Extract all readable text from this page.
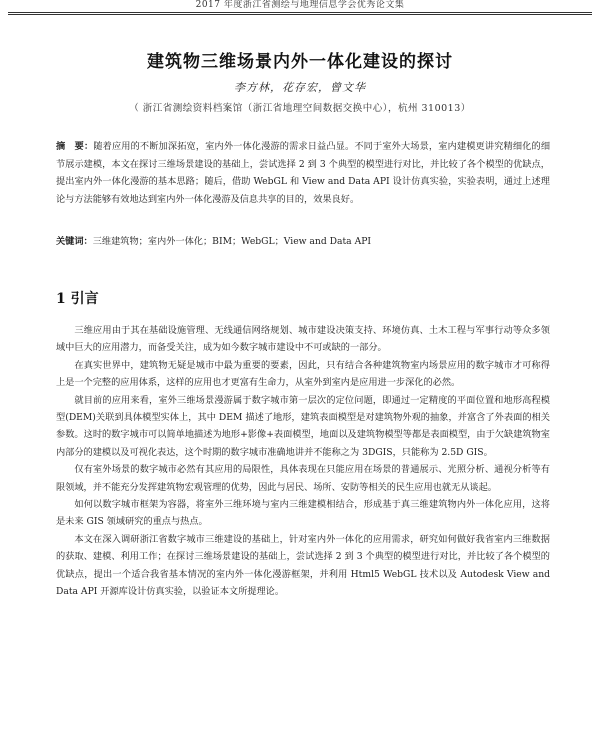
2017 年度浙江省测绘与地理信息学会优秀论文集
建筑物三维场景内外一体化建设的探讨
李方林，花存宏，曾文华
（ 浙江省测绘资料档案馆（浙江省地理空间数据交换中心），杭州 310013）
摘　要：随着应用的不断加深拓宽，室内外一体化漫游的需求日益凸显。不同于室外大场景，室内建模更讲究精细化的细节展示建模，本文在探讨三维场景建设的基础上，尝试选择 2 到 3 个典型的模型进行对比，并比较了各个模型的优缺点，提出室内外一体化漫游的基本思路；随后，借助 WebGL 和 View and Data API 设计仿真实验，实验表明，通过上述理论与方法能够有效地达到室内外一体化漫游及信息共享的目的，效果良好。
关键词：三维建筑物；室内外一体化；BIM；WebGL；View and Data API
1 引言

三维应用由于其在基础设施管理、无线通信网络规划、城市建设决策支持、环境仿真、土木工程与军事行动等众多领域中巨大的应用潜力，而备受关注，成为如今数字城市建设中不可或缺的一部分。

在真实世界中，建筑物无疑是城市中最为重要的要素，因此，只有结合各种建筑物室内场景应用的数字城市才可称得上是一个完整的应用体系，这样的应用也才更富有生命力，从室外到室内是应用进一步深化的必然。

就目前的应用来看，室外三维场景漫游属于数字城市第一层次的定位问题，即通过一定精度的平面位置和地形高程模型(DEM)关联到具体模型实体上，其中 DEM 描述了地形，建筑表面模型是对建筑物外观的抽象，并富含了外表面的相关参数。这时的数字城市可以简单地描述为地形+影像+表面模型，地面以及建筑物模型等都是表面模型，由于欠缺建筑物室内部分的建模以及可视化表达，这个时期的数字城市准确地讲并不能称之为 3DGIS，只能称为 2.5D GIS。

仅有室外场景的数字城市必然有其应用的局限性，具体表现在只能应用在场景的普通展示、光照分析、通视分析等有限领域，并不能充分发挥建筑物宏观管理的优势，因此与居民、场所、安防等相关的民生应用也就无从谈起。

如何以数字城市框架为容器，将室外三维环境与室内三维建模相结合，形成基于真三维建筑物内外一体化应用，这将是未来 GIS 领域研究的重点与热点。

本文在深入调研浙江省数字城市三维建设的基础上，针对室内外一体化的应用需求，研究如何做好我省室内三维数据的获取、建模、利用工作；在探讨三维场景建设的基础上，尝试选择 2 到 3 个典型的模型进行对比，并比较了各个模型的优缺点，提出一个适合我省基本情况的室内外一体化漫游框架，并利用 Html5 WebGL 技术以及 Autodesk View and Data API 开源库设计仿真实验，以验证本文所提理论。
